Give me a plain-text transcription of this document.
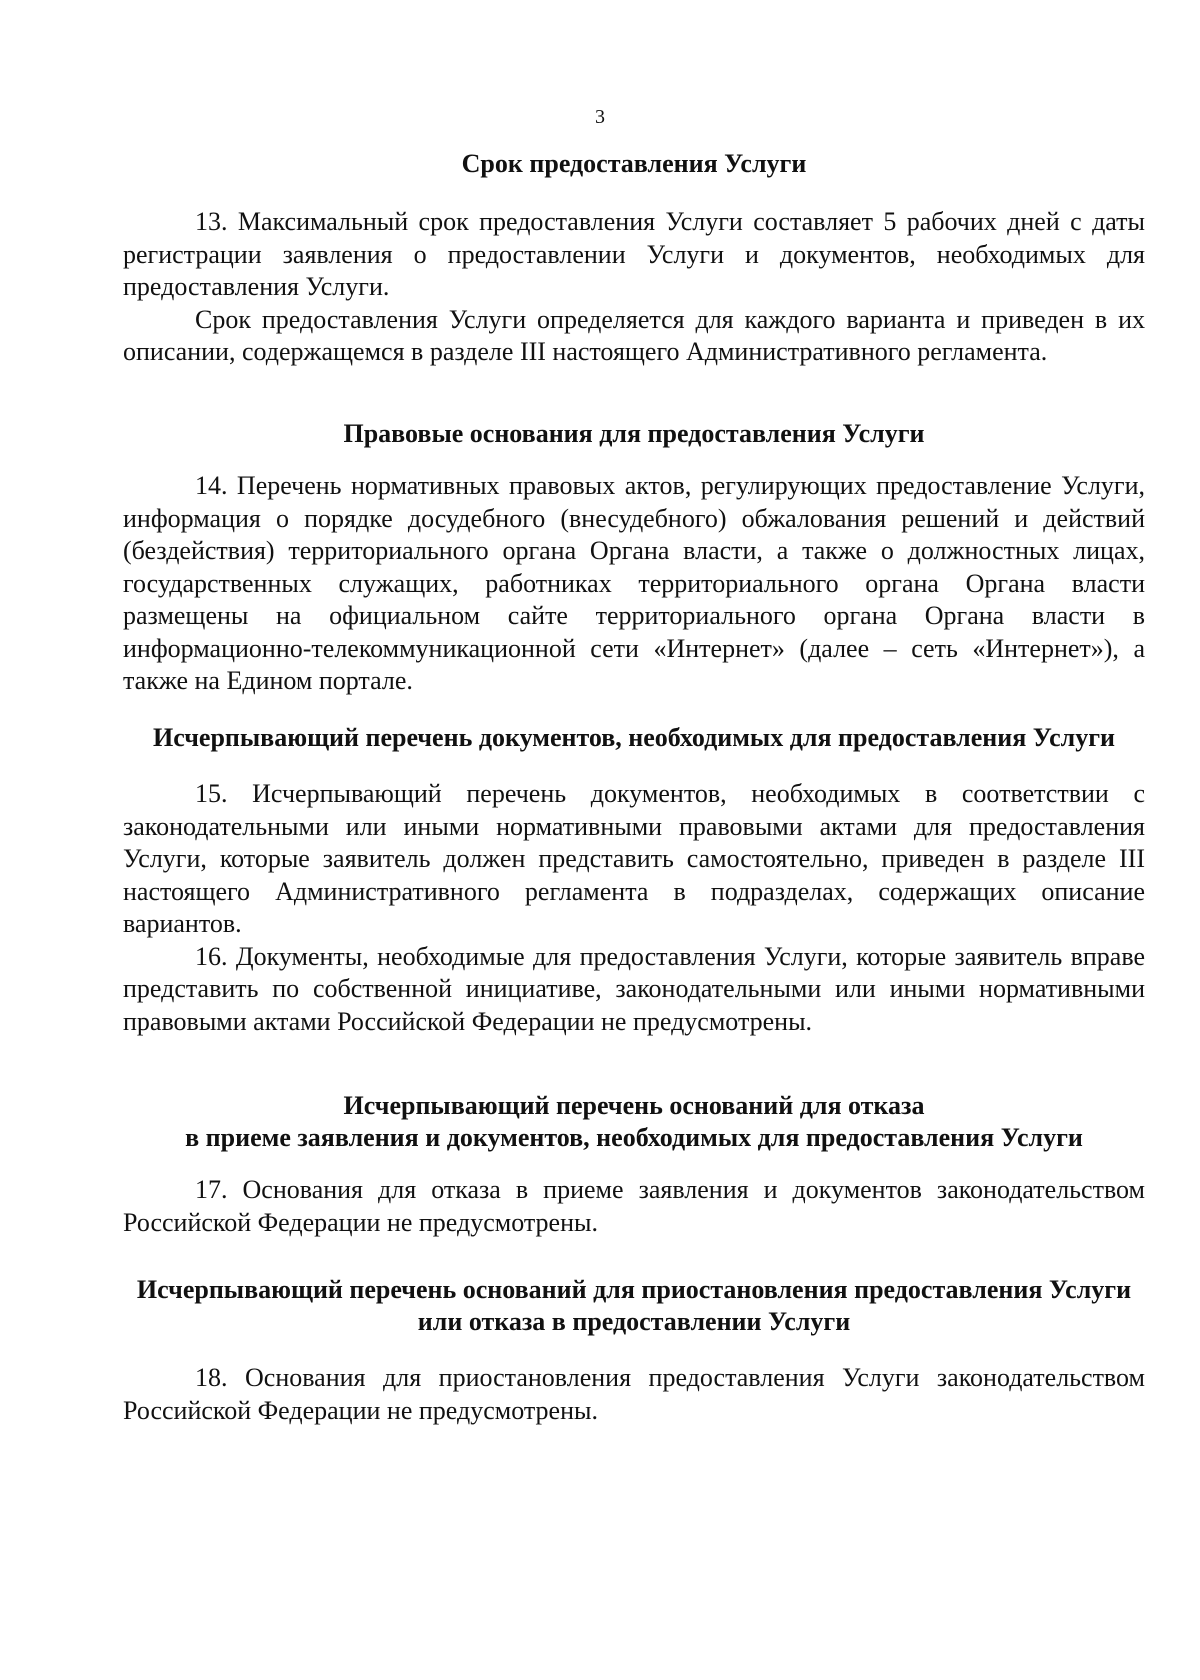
3
Срок предоставления Услуги

13. Максимальный срок предоставления Услуги составляет 5 рабочих дней с даты регистрации заявления о предоставлении Услуги и документов, необходимых для предоставления Услуги.

Срок предоставления Услуги определяется для каждого варианта и приведен в их описании, содержащемся в разделе III настоящего Административного регламента.

Правовые основания для предоставления Услуги

14. Перечень нормативных правовых актов, регулирующих предоставление Услуги, информация о порядке досудебного (внесудебного) обжалования решений и действий (бездействия) территориального органа Органа власти, а также о должностных лицах, государственных служащих, работниках территориального органа Органа власти размещены на официальном сайте территориального органа Органа власти в информационно-телекоммуникационной сети «Интернет» (далее – сеть «Интернет»), а также на Едином портале.

Исчерпывающий перечень документов, необходимых для предоставления Услуги

15. Исчерпывающий перечень документов, необходимых в соответствии с законодательными или иными нормативными правовыми актами для предоставления Услуги, которые заявитель должен представить самостоятельно, приведен в разделе III настоящего Административного регламента в подразделах, содержащих описание вариантов.

16. Документы, необходимые для предоставления Услуги, которые заявитель вправе представить по собственной инициативе, законодательными или иными нормативными правовыми актами Российской Федерации не предусмотрены.

Исчерпывающий перечень оснований для отказа
в приеме заявления и документов, необходимых для предоставления Услуги

17. Основания для отказа в приеме заявления и документов законодательством Российской Федерации не предусмотрены.

Исчерпывающий перечень оснований для приостановления предоставления Услуги или отказа в предоставлении Услуги

18. Основания для приостановления предоставления Услуги законодательством Российской Федерации не предусмотрены.
